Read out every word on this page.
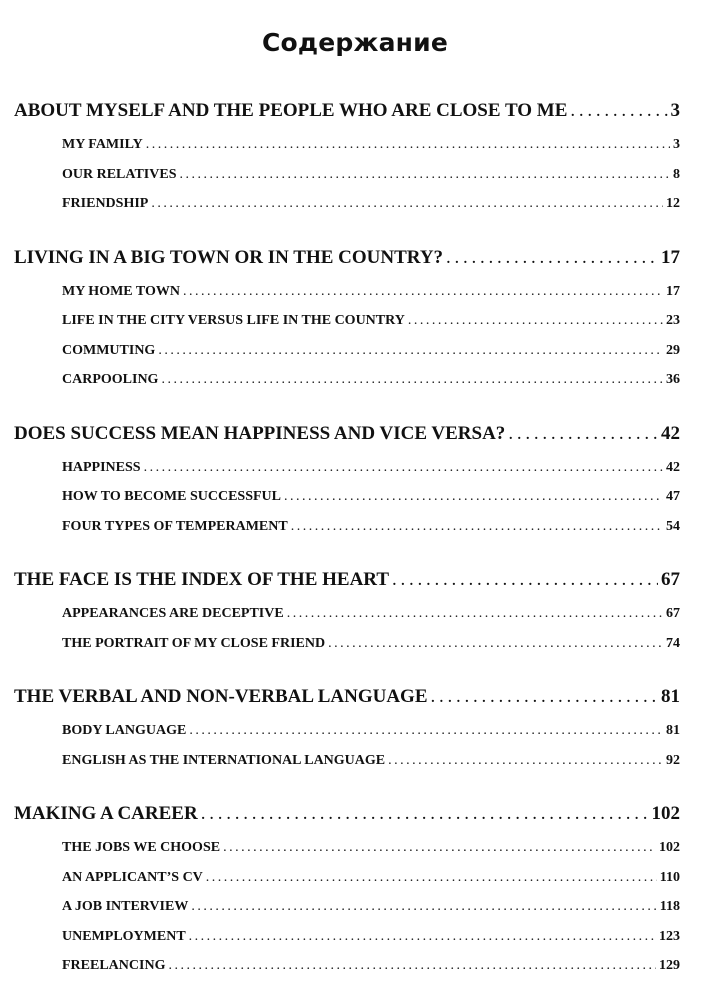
Содержание
ABOUT MYSELF AND THE PEOPLE WHO ARE CLOSE TO ME . . .	3
MY FAMILY . . .	3
OUR RELATIVES . . .	8
FRIENDSHIP . . .	12
LIVING IN A BIG TOWN OR IN THE COUNTRY? . . .	17
MY HOME TOWN . . .	17
LIFE IN THE CITY VERSUS LIFE IN THE COUNTRY . . .	23
COMMUTING . . .	29
CARPOOLING . . .	36
DOES SUCCESS MEAN HAPPINESS AND VICE VERSA? . . .	42
HAPPINESS . . .	42
HOW TO BECOME SUCCESSFUL . . .	47
FOUR TYPES OF TEMPERAMENT . . .	54
THE FACE IS THE INDEX OF THE HEART . . .	67
APPEARANCES ARE DECEPTIVE . . .	67
THE PORTRAIT OF MY CLOSE FRIEND . . .	74
THE VERBAL AND NON-VERBAL LANGUAGE . . .	81
BODY LANGUAGE . . .	81
ENGLISH AS THE INTERNATIONAL LANGUAGE . . .	92
MAKING A CAREER . . .	102
THE JOBS WE CHOOSE . . .	102
AN APPLICANT’S CV . . .	110
A JOB INTERVIEW . . .	118
UNEMPLOYMENT . . .	123
FREELANCING . . .	129
